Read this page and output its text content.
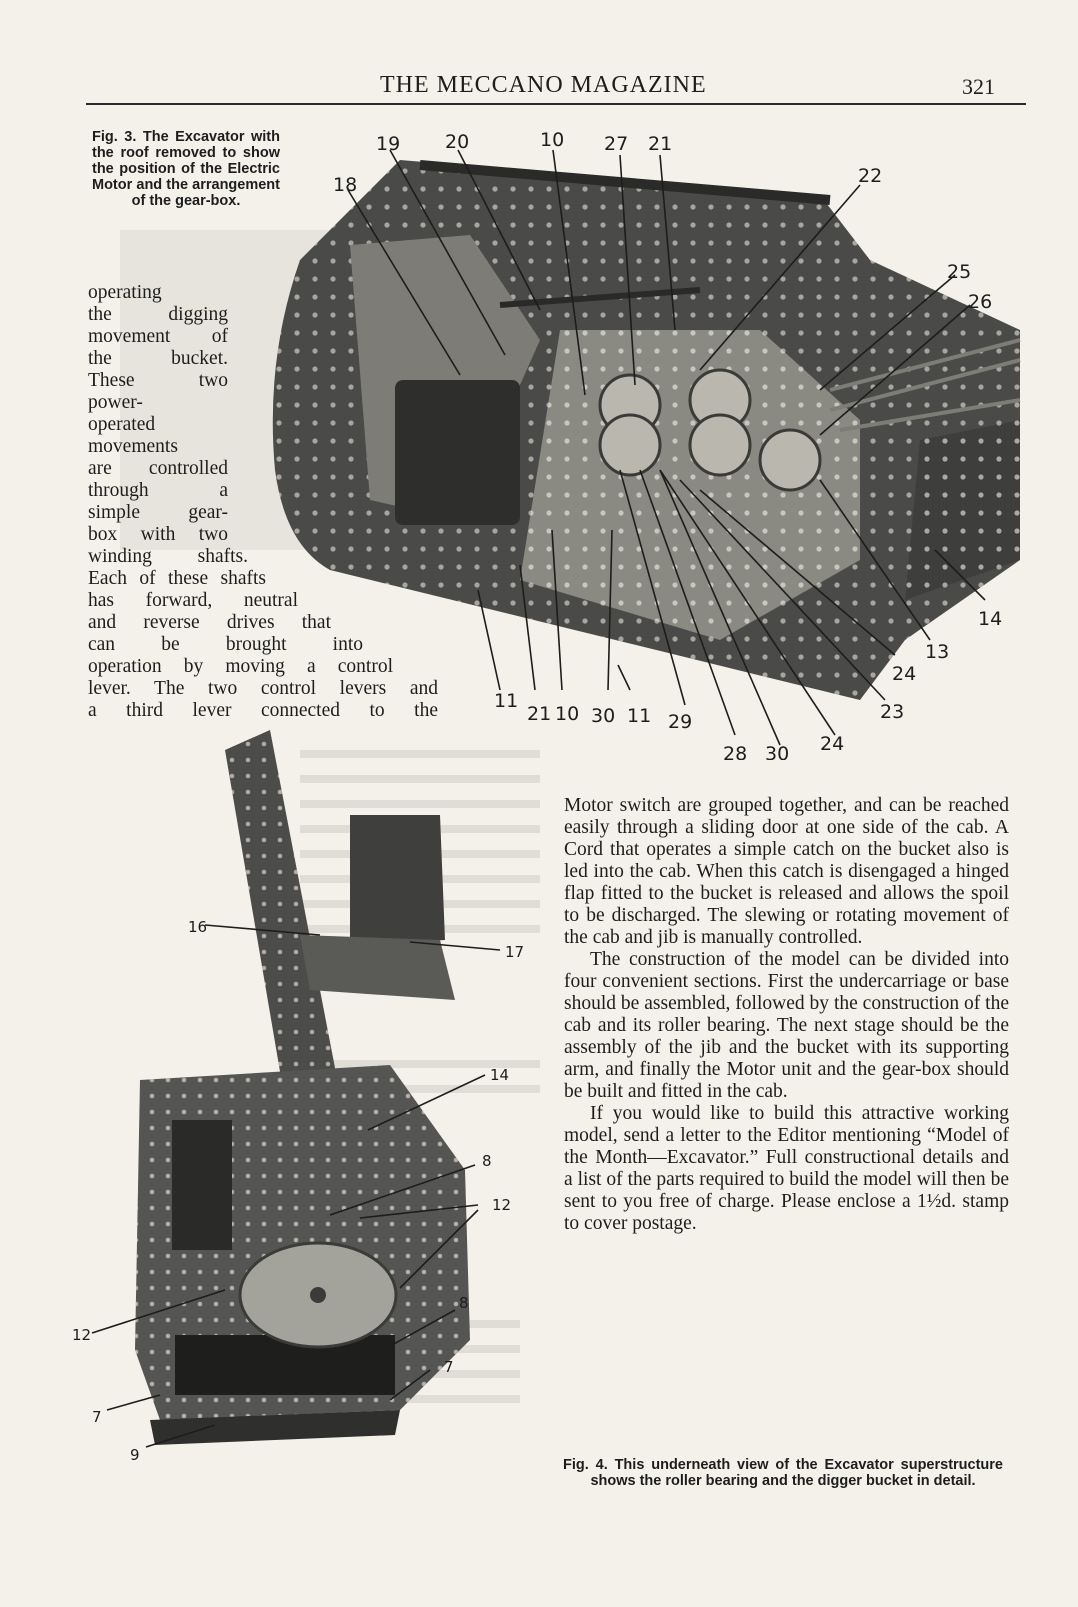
THE MECCANO MAGAZINE	321
19 20	10 27 21
18	22
25
26
11
21 10 30 11 29
28 30 24
23
24
13
14
16
17
14
8
12
12
8
7
7
9
Fig. 3. The Excavator with the roof removed to show the position of the Electric Motor and the arrangement of the gear-box.
Fig. 4. This underneath view of the Excavator superstructure shows the roller bearing and the digger bucket in detail.
operating
the digging
movement of
the bucket.
These two
power-
operated
movements
are controlled
through a
simple gear-
box with two
winding shafts.
Each of these shafts
has forward, neutral
and reverse drives that
can be brought into
operation by moving a control
lever. The two control levers and
a third lever connected to the

Motor switch are grouped together, and can be reached easily through a sliding door at one side of the cab. A Cord that operates a simple catch on the bucket also is led into the cab. When this catch is disengaged a hinged flap fitted to the bucket is released and allows the spoil to be discharged. The slewing or rotating movement of the cab and jib is manually controlled.

The construction of the model can be divided into four convenient sections. First the undercarriage or base should be assembled, followed by the construction of the cab and its roller bearing. The next stage should be the assembly of the jib and the bucket with its supporting arm, and finally the Motor unit and the gear-box should be built and fitted in the cab.

If you would like to build this attractive working model, send a letter to the Editor mentioning “Model of the Month—Excavator.” Full constructional details and a list of the parts required to build the model will then be sent to you free of charge. Please enclose a 1½d. stamp to cover postage.
